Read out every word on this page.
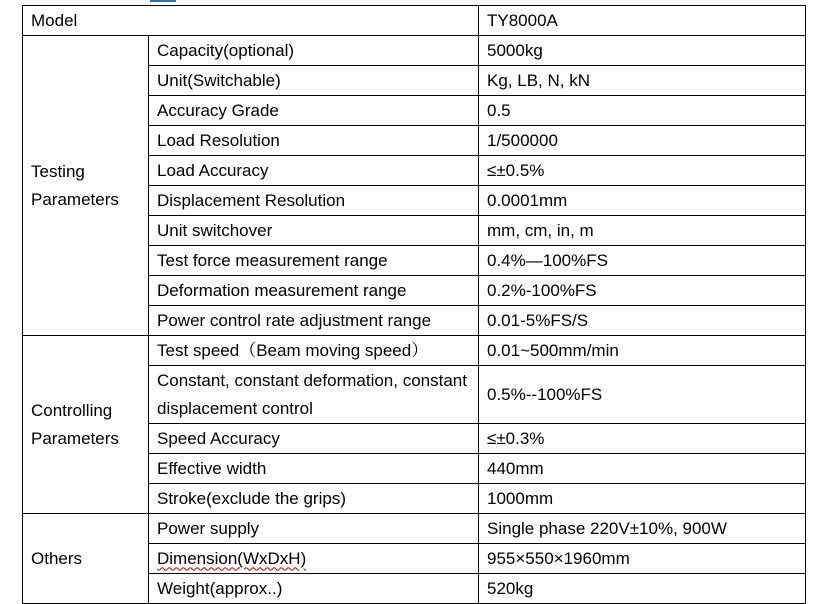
Model		TY8000A
Testing Parameters	Capacity(optional)	5000kg
	Unit(Switchable)	Kg, LB, N, kN
	Accuracy Grade	0.5
	Load Resolution	1/500000
	Load Accuracy	≤±0.5%
	Displacement Resolution	0.0001mm
	Unit switchover	mm, cm, in, m
	Test force measurement range	0.4%—100%FS
	Deformation measurement range	0.2%-100%FS
	Power control rate adjustment range	0.01-5%FS/S
Controlling Parameters	Test speed（Beam moving speed）	0.01~500mm/min
	Constant, constant deformation, constant displacement control	0.5%--100%FS
	Speed Accuracy	≤±0.3%
	Effective width	440mm
	Stroke(exclude the grips)	1000mm
Others	Power supply	Single phase 220V±10%, 900W
	Dimension(WxDxH)	955×550×1960mm
	Weight(approx..)	520kg
